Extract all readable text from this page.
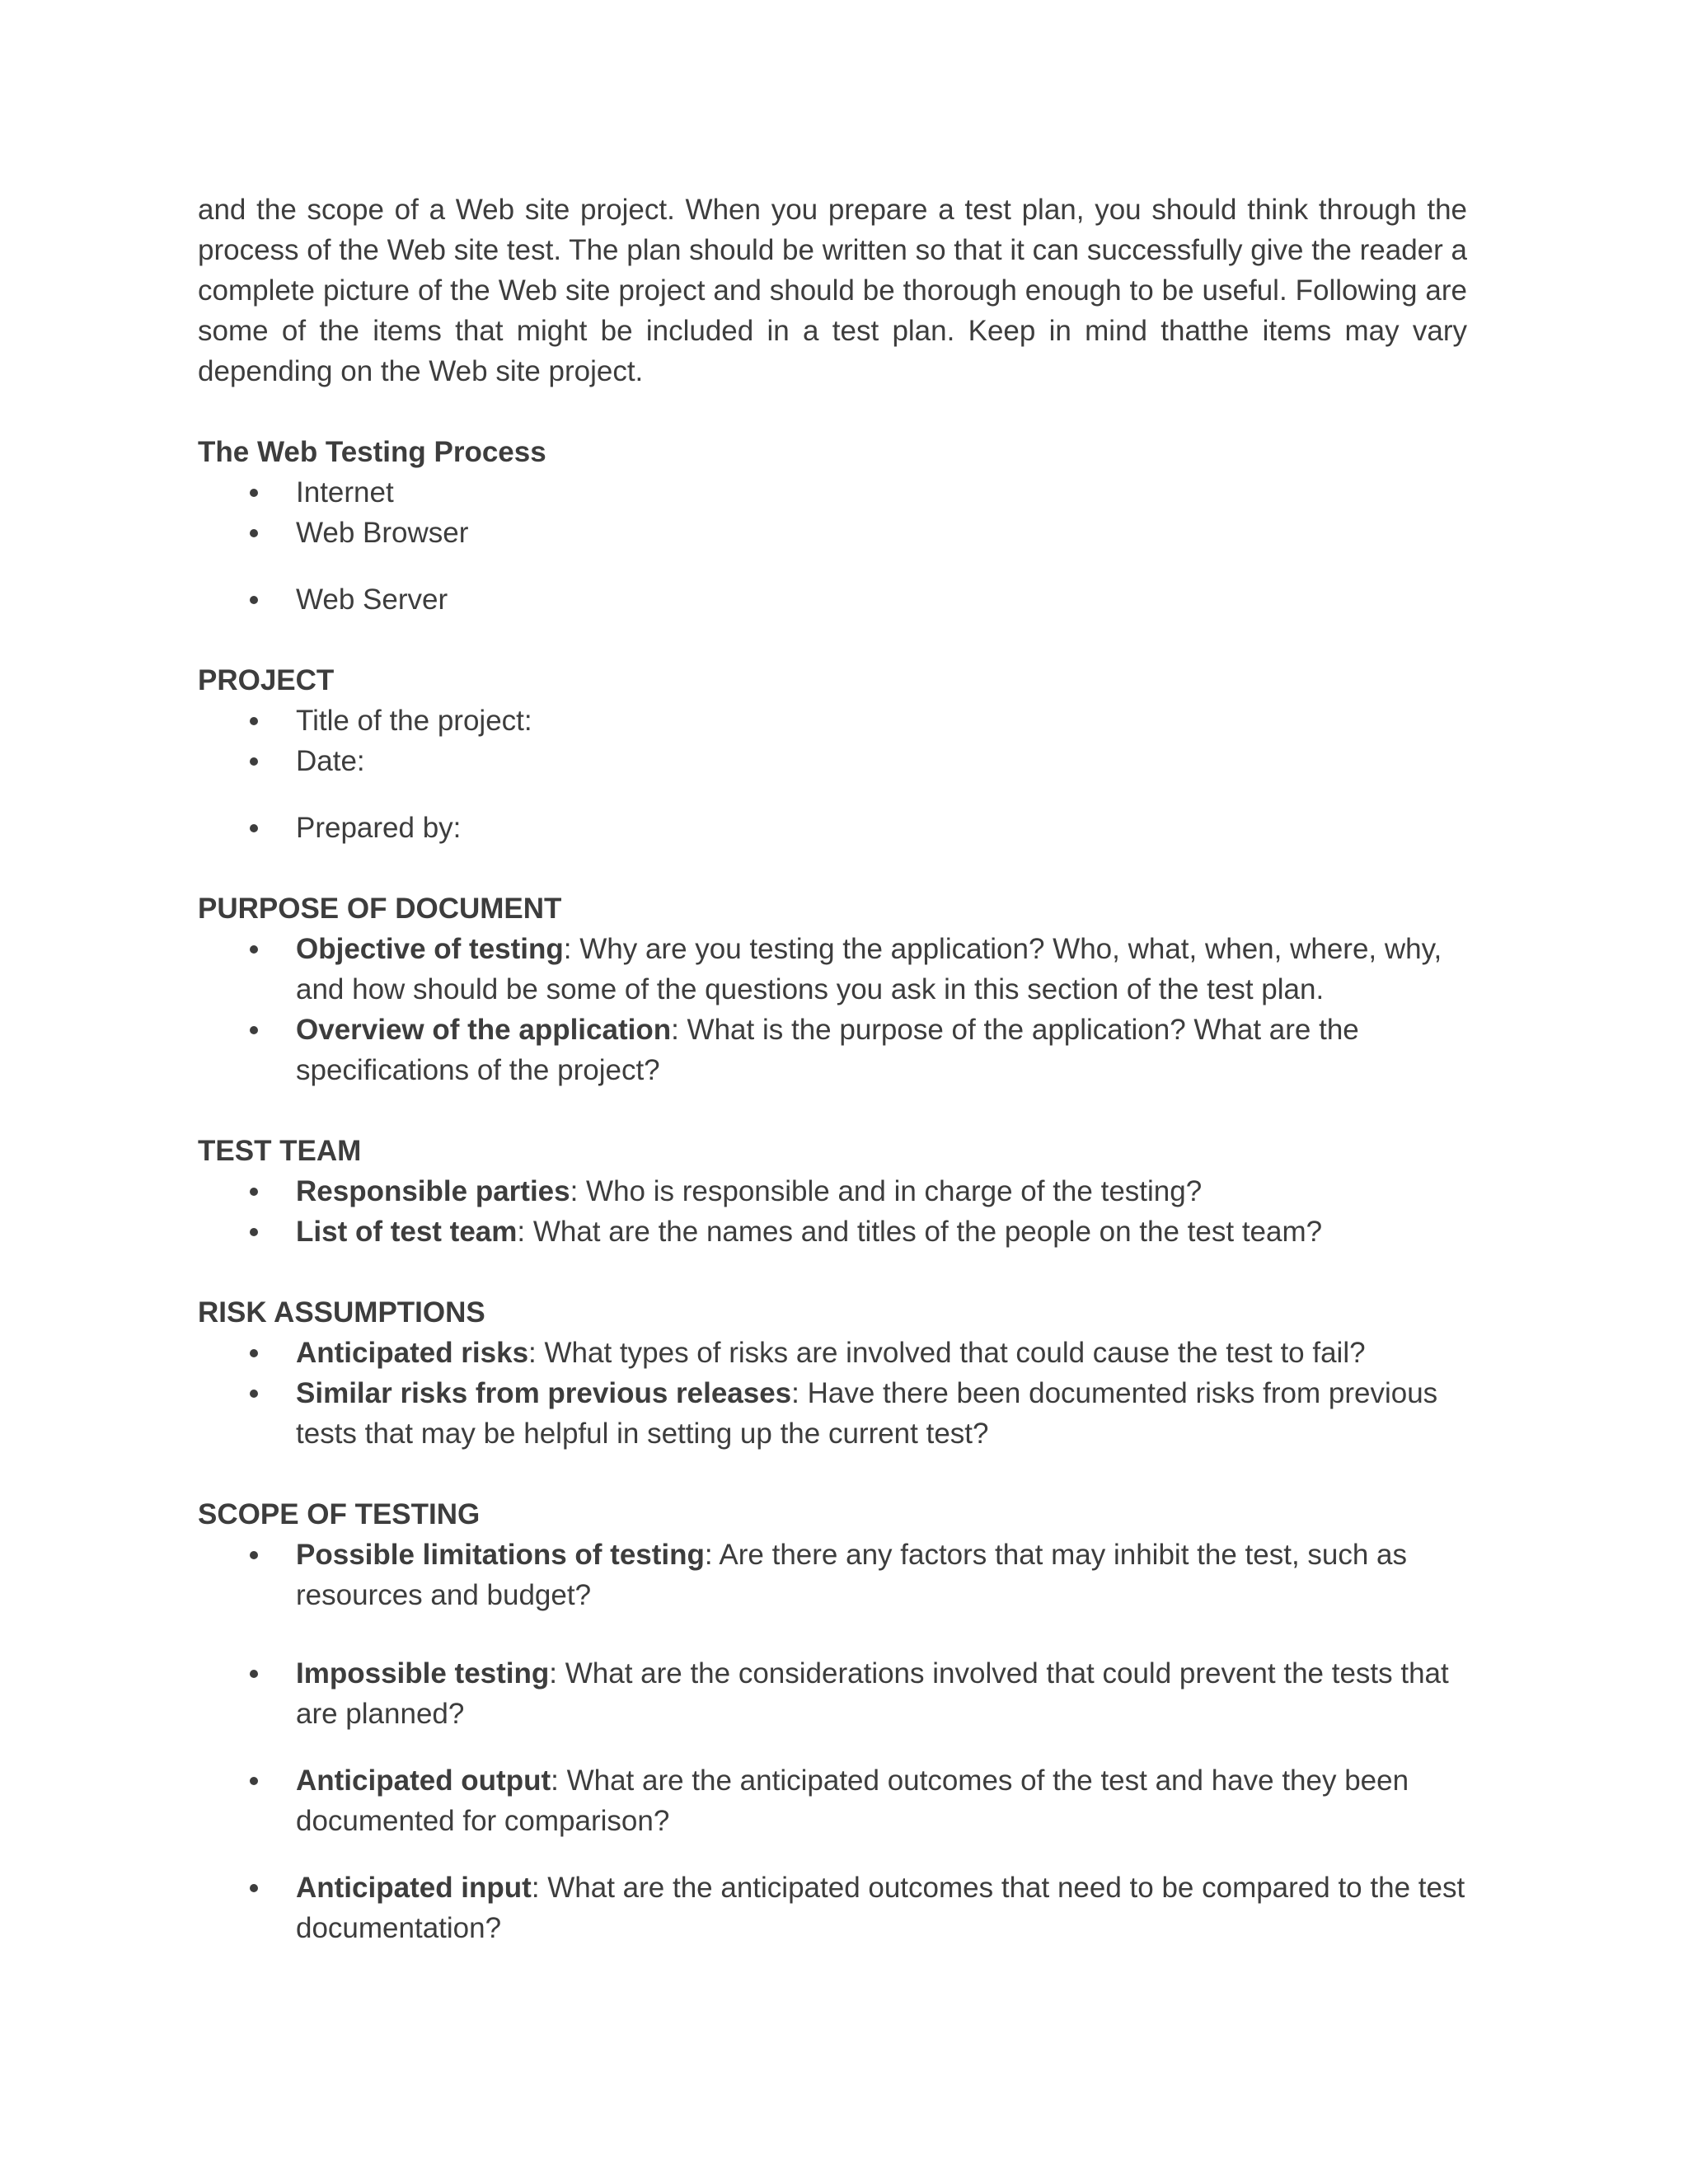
and the scope of a Web site project. When you prepare a test plan, you should think through the process of the Web site test. The plan should be written so that it can successfully give the reader a complete picture of the Web site project and should be thorough enough to be useful. Following are some of the items that might be included in a test plan. Keep in mind thatthe items may vary depending on the Web site project.

The Web Testing Process

Internet
Web Browser
Web Server

PROJECT

Title of the project:
Date:
Prepared by:

PURPOSE OF DOCUMENT

Objective of testing: Why are you testing the application? Who, what, when, where, why, and how should be some of the questions you ask in this section of the test plan.
Overview of the application: What is the purpose of the application? What are the specifications of the project?

TEST TEAM

Responsible parties: Who is responsible and in charge of the testing?
List of test team: What are the names and titles of the people on the test team?

RISK ASSUMPTIONS

Anticipated risks: What types of risks are involved that could cause the test to fail?
Similar risks from previous releases: Have there been documented risks from previous tests that may be helpful in setting up the current test?

SCOPE OF TESTING

Possible limitations of testing: Are there any factors that may inhibit the test, such as resources and budget?
Impossible testing: What are the considerations involved that could prevent the tests that are planned?
Anticipated output: What are the anticipated outcomes of the test and have they been documented for comparison?
Anticipated input: What are the anticipated outcomes that need to be compared to the test documentation?
